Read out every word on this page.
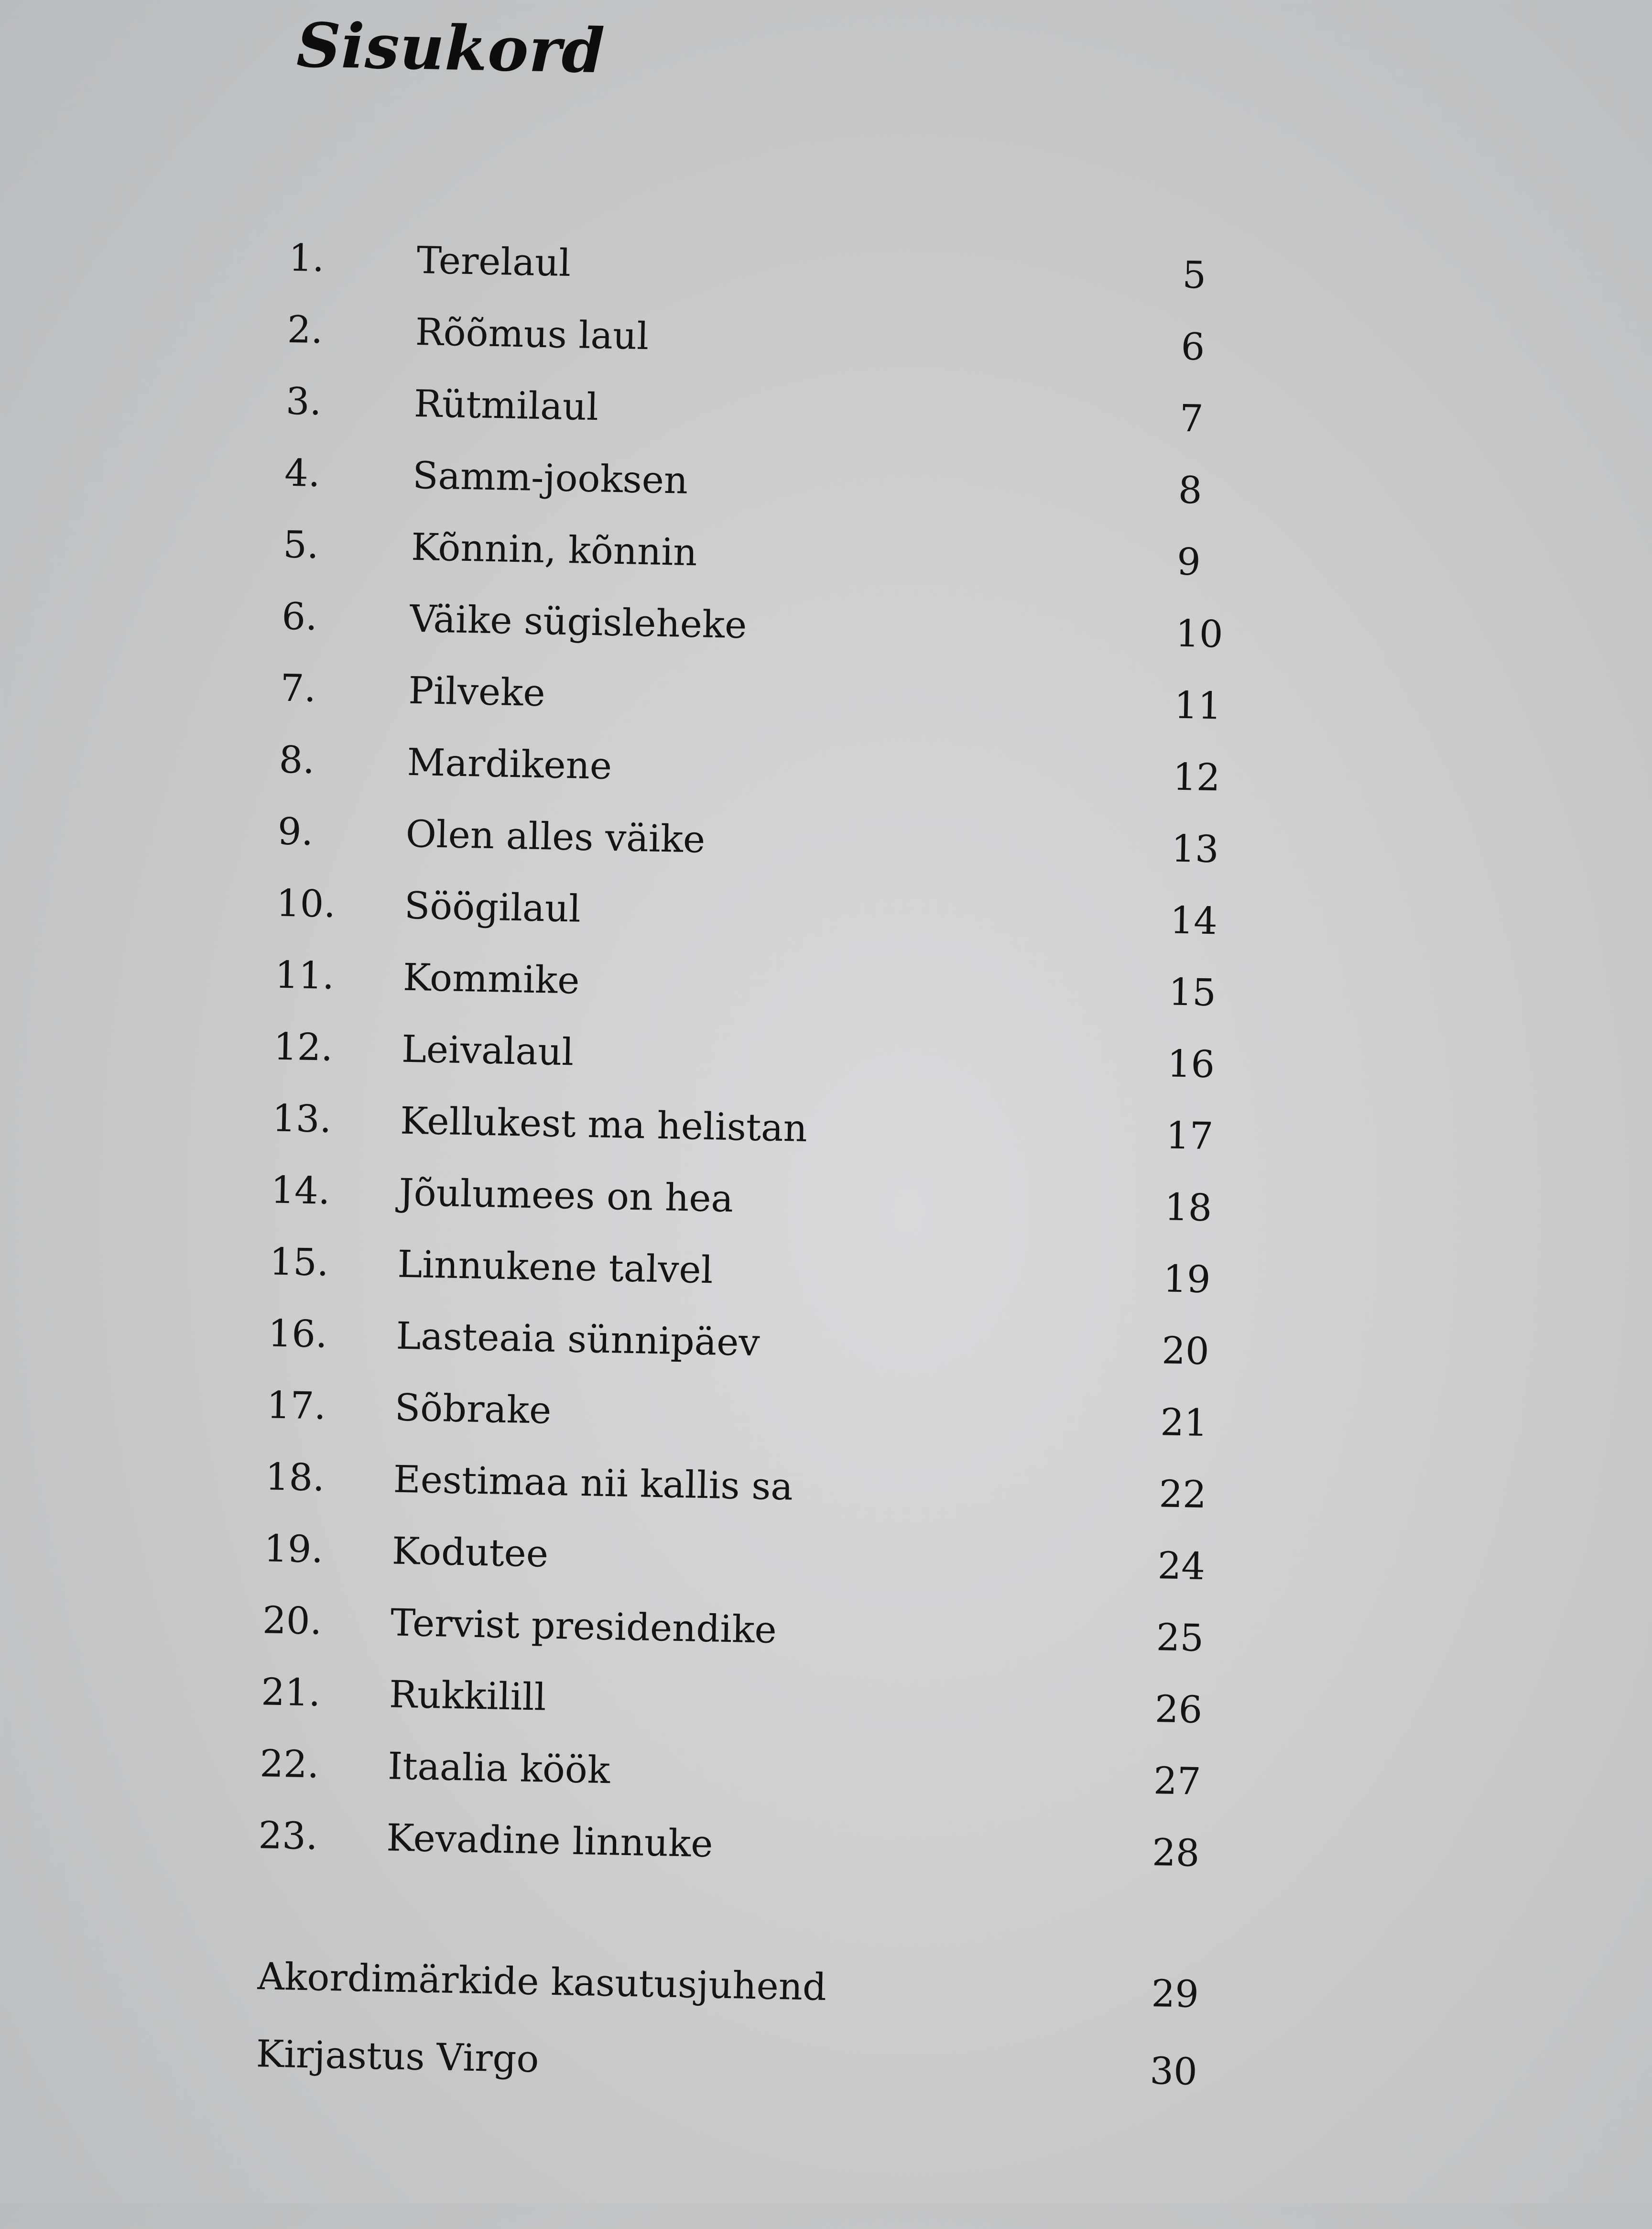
Sisukord
1. Terelaul	5
2. Rõõmus laul	6
3. Rütmilaul	7
4. Samm-jooksen	8
5. Kõnnin, kõnnin	9
6. Väike sügisleheke	10
7. Pilveke	11
8. Mardikene	12
9. Olen alles väike	13
10. Söögilaul	14
11. Kommike	15
12. Leivalaul	16
13. Kellukest ma helistan	17
14. Jõulumees on hea	18
15. Linnukene talvel	19
16. Lasteaia sünnipäev	20
17. Sõbrake	21
18. Eestimaa nii kallis sa	22
19. Kodutee	24
20. Tervist presidendike	25
21. Rukkilill	26
22. Itaalia köök	27
23. Kevadine linnuke	28
Akordimärkide kasutusjuhend	29
Kirjastus Virgo	30
